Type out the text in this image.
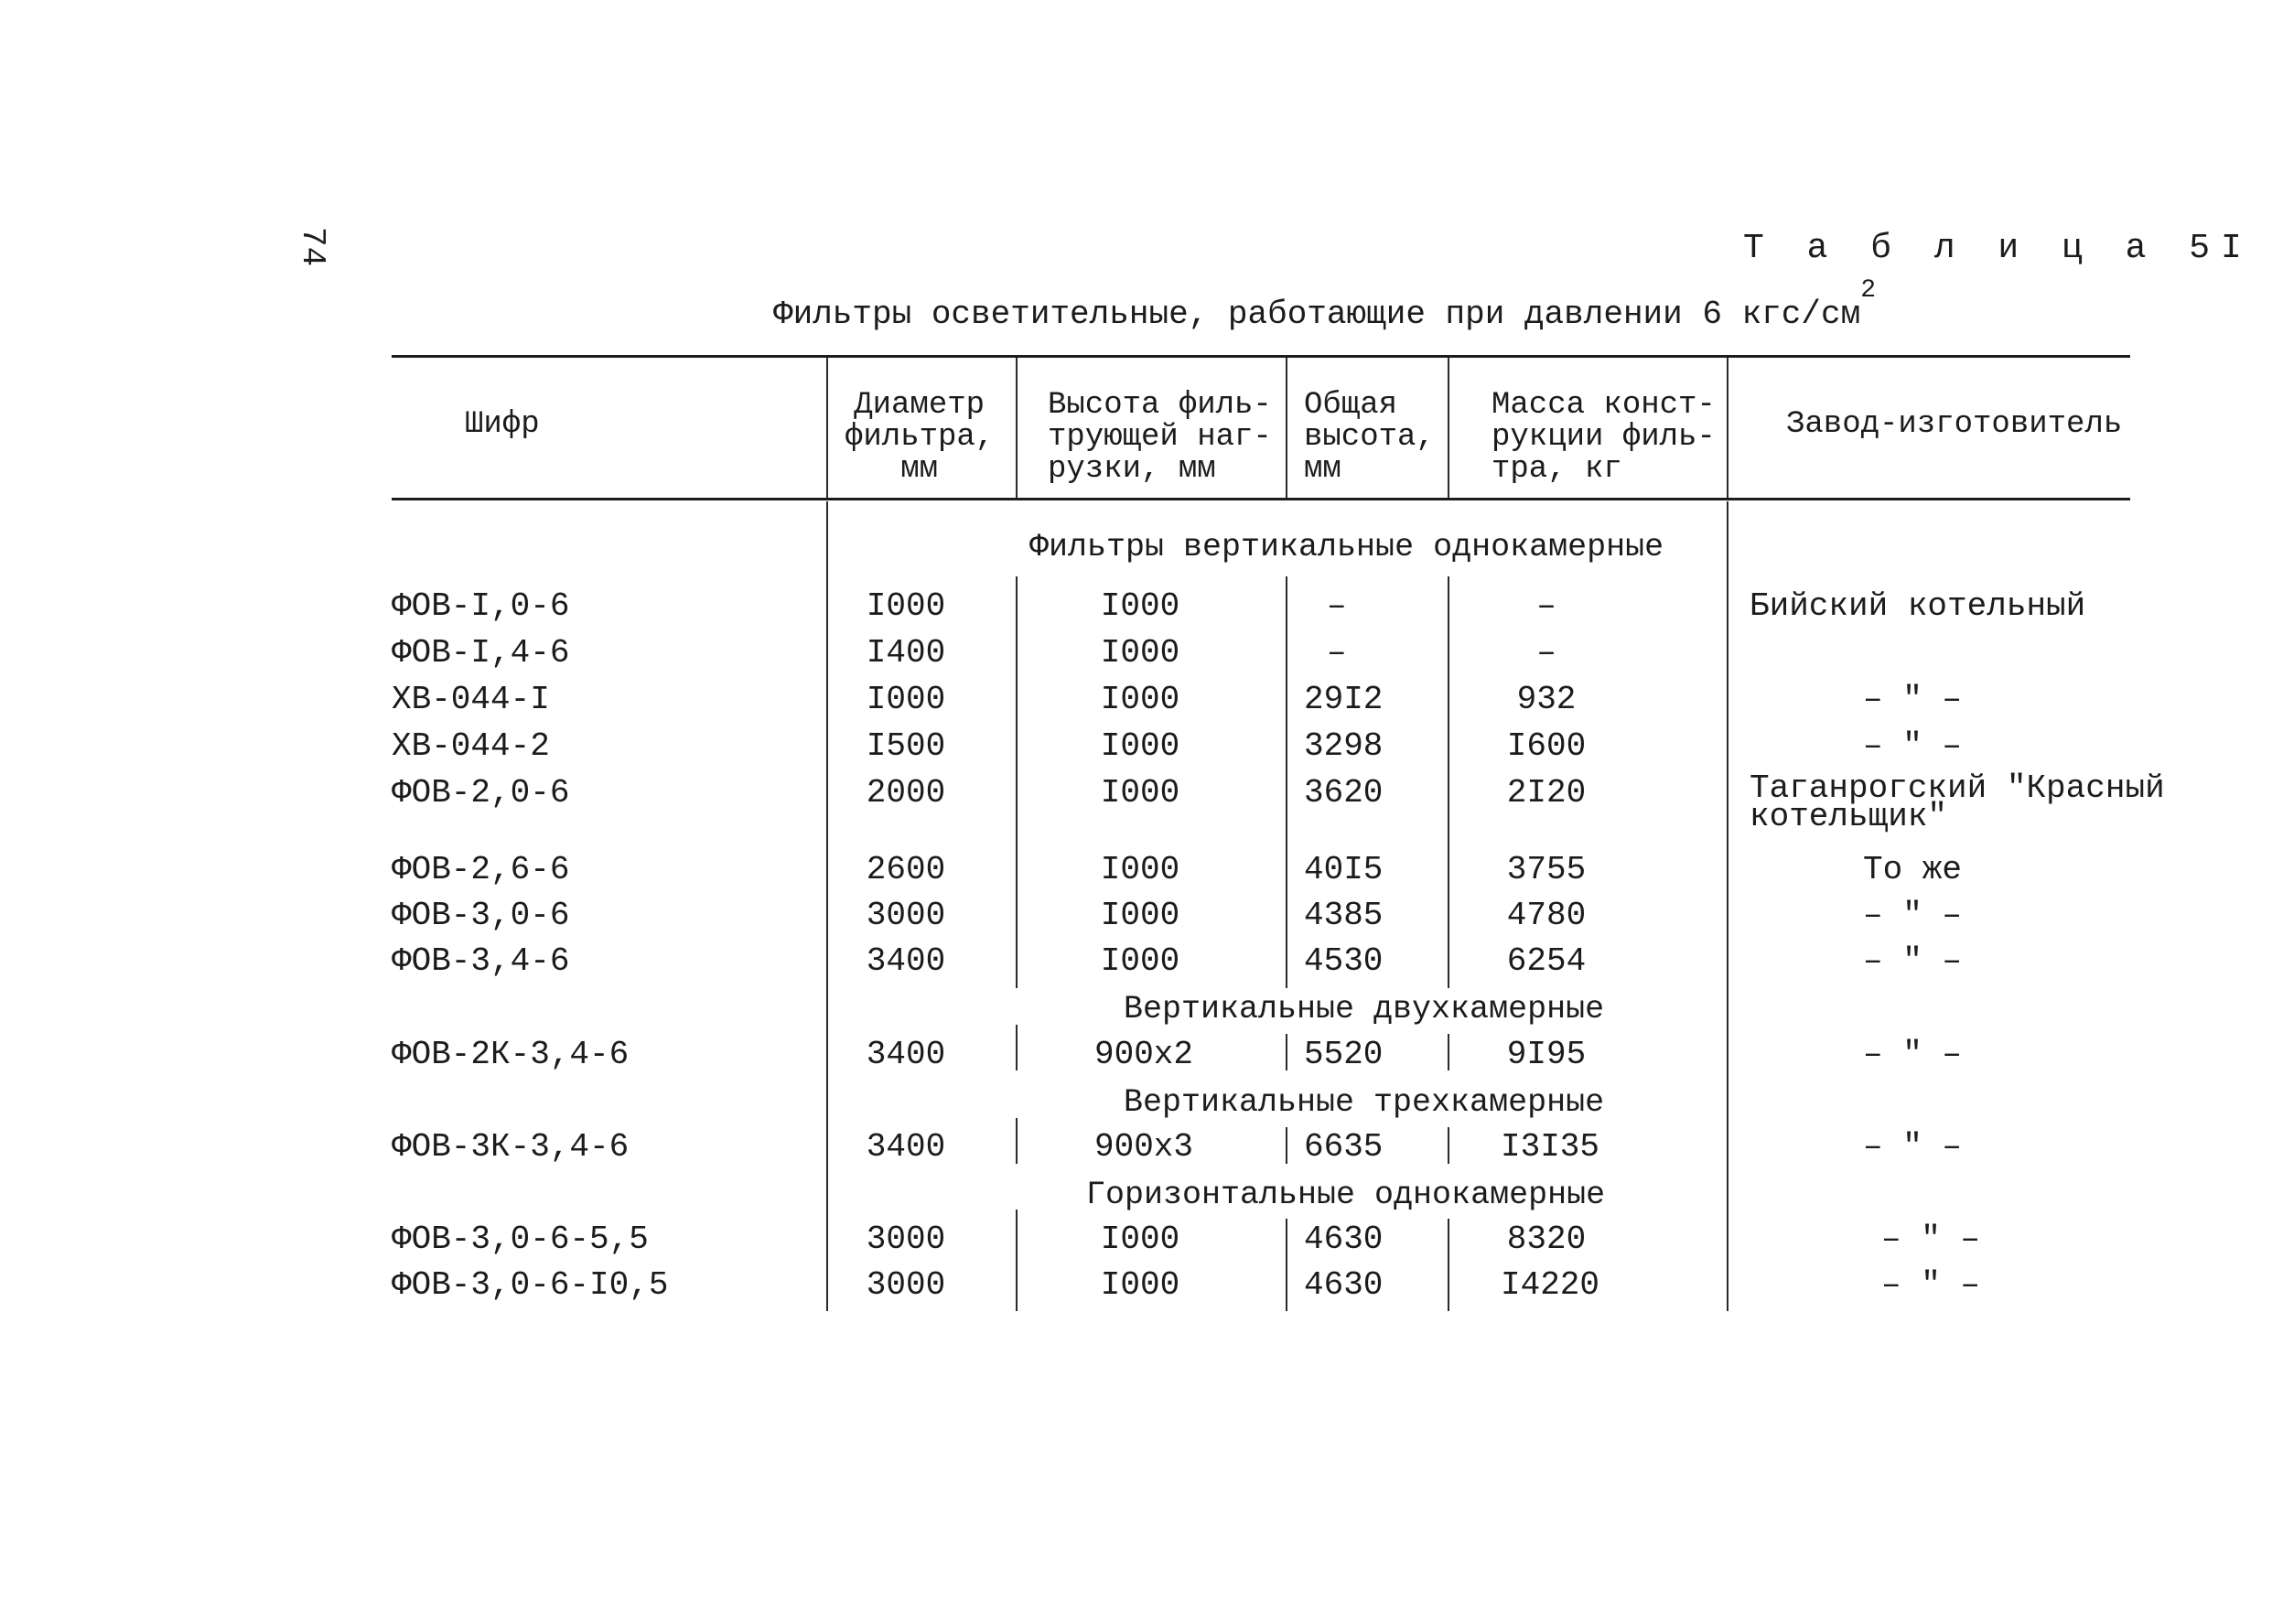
74	Т а б л и ц а 5I
Фильтры осветительные, работающие при давлении 6 кгс/$см^2$
Шифр
Диаметр
фильтра,
мм
Высота филь-
трующей наг-
рузки, мм
Общая
высота,
мм
Масса конст-
рукции филь-
тра, кг
Завод-изготовитель
Фильтры вертикальные однокамерные
Вертикальные двухкамерные
Вертикальные трехкамерные
Горизонтальные однокамерные
ФОВ-I,0-6	I000	I000	–	–	Бийский котельный
ФОВ-I,4-6	I400	I000	–	–
ХВ-044-I	I000	I000	29I2	932	– " –
ХВ-044-2	I500	I000	3298	I600	– " –
ФОВ-2,0-6	2000	I000	3620	2I20	Таганрогский "Красный
котельщик"
ФОВ-2,6-6	2600	I000	40I5	3755	То же
ФОВ-3,0-6	3000	I000	4385	4780	– " –
ФОВ-3,4-6	3400	I000	4530	6254	– " –
ФОВ-2К-3,4-6	3400	900x2	5520	9I95	– " –
ФОВ-3К-3,4-6	3400	900x3	6635	I3I35	– " –
ФОВ-3,0-6-5,5	3000	I000	4630	8320	– " –
ФОВ-3,0-6-I0,5	3000	I000	4630	I4220	– " –
